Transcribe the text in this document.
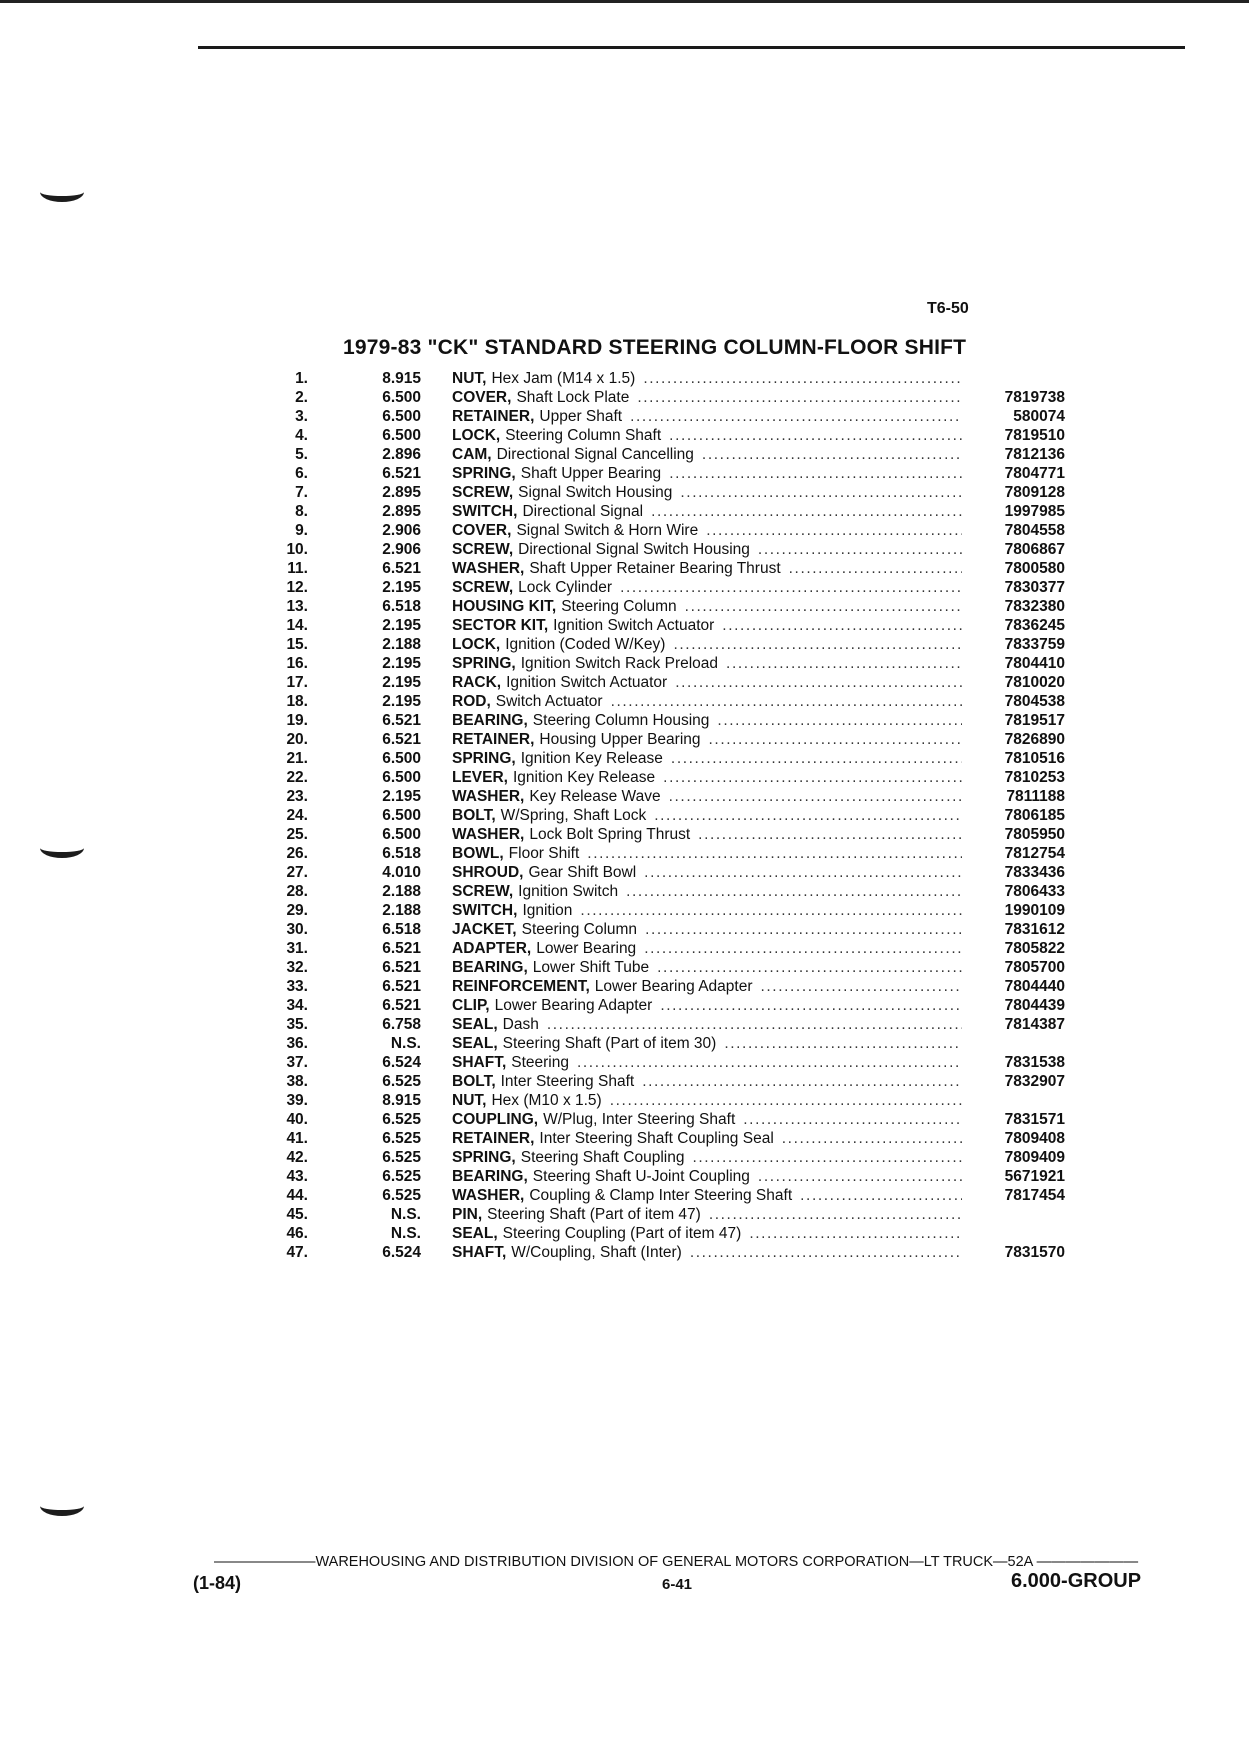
T6-50
1979-83 "CK" STANDARD STEERING COLUMN-FLOOR SHIFT
1.	8.915 NUT, Hex Jam (M14 x 1.5)
.....
2.	6.500 COVER, Shaft Lock Plate .....	7819738
3.	6.500 RETAINER, Upper Shaft .....	580074
4.	6.500 LOCK, Steering Column Shaft .....	7819510
5.	2.896 CAM, Directional Signal Cancelling .....	7812136
6.	6.521 SPRING, Shaft Upper Bearing .....	7804771
7.	2.895 SCREW, Signal Switch Housing .....	7809128
8.	2.895 SWITCH, Directional Signal .....	1997985
9.	2.906 COVER, Signal Switch & Horn Wire .....	7804558
10.	2.906 SCREW, Directional Signal Switch Housing .....	7806867
11.	6.521 WASHER, Shaft Upper Retainer Bearing Thrust .....	7800580
12.	2.195 SCREW, Lock Cylinder .....	7830377
13.	6.518 HOUSING KIT, Steering Column .....	7832380
14.	2.195 SECTOR KIT, Ignition Switch Actuator .....	7836245
15.	2.188 LOCK, Ignition (Coded W/Key) .....	7833759
16.	2.195 SPRING, Ignition Switch Rack Preload .....	7804410
17.	2.195 RACK, Ignition Switch Actuator .....	7810020
18.	2.195 ROD, Switch Actuator .....	7804538
19.	6.521 BEARING, Steering Column Housing .....	7819517
20.	6.521 RETAINER, Housing Upper Bearing .....	7826890
21.	6.500 SPRING, Ignition Key Release .....	7810516
22.	6.500 LEVER, Ignition Key Release .....	7810253
23.	2.195 WASHER, Key Release Wave .....	7811188
24.	6.500 BOLT, W/Spring, Shaft Lock .....	7806185
25.	6.500 WASHER, Lock Bolt Spring Thrust .....	7805950
26.	6.518 BOWL, Floor Shift .....	7812754
27.	4.010 SHROUD, Gear Shift Bowl .....	7833436
28.	2.188 SCREW, Ignition Switch .....	7806433
29.	2.188 SWITCH, Ignition .....	1990109
30.	6.518 JACKET, Steering Column .....	7831612
31.	6.521 ADAPTER, Lower Bearing .....	7805822
32.	6.521 BEARING, Lower Shift Tube .....	7805700
33.	6.521 REINFORCEMENT, Lower Bearing Adapter .....	7804440
34.	6.521 CLIP, Lower Bearing Adapter .....	7804439
35.	6.758 SEAL, Dash .....	7814387
36.	N.S. SEAL, Steering Shaft (Part of item 30)
.....
37.	6.524 SHAFT, Steering .....	7831538
38.	6.525 BOLT, Inter Steering Shaft .....	7832907
39.	8.915 NUT, Hex (M10 x 1.5)
.....
40.	6.525 COUPLING, W/Plug, Inter Steering Shaft .....	7831571
41.	6.525 RETAINER, Inter Steering Shaft Coupling Seal .....	7809408
42.	6.525 SPRING, Steering Shaft Coupling .....	7809409
43.	6.525 BEARING, Steering Shaft U-Joint Coupling .....	5671921
44.	6.525 WASHER, Coupling & Clamp Inter Steering Shaft .....	7817454
45.	N.S. PIN, Steering Shaft (Part of item 47)
.....
46.	N.S. SEAL, Steering Coupling (Part of item 47)
.....
47.	6.524 SHAFT, W/Coupling, Shaft (Inter) .....	7831570
———————WAREHOUSING AND DISTRIBUTION DIVISION OF GENERAL MOTORS CORPORATION—LT TRUCK—52A ———————
(1-84)	6-41	6.000-GROUP
